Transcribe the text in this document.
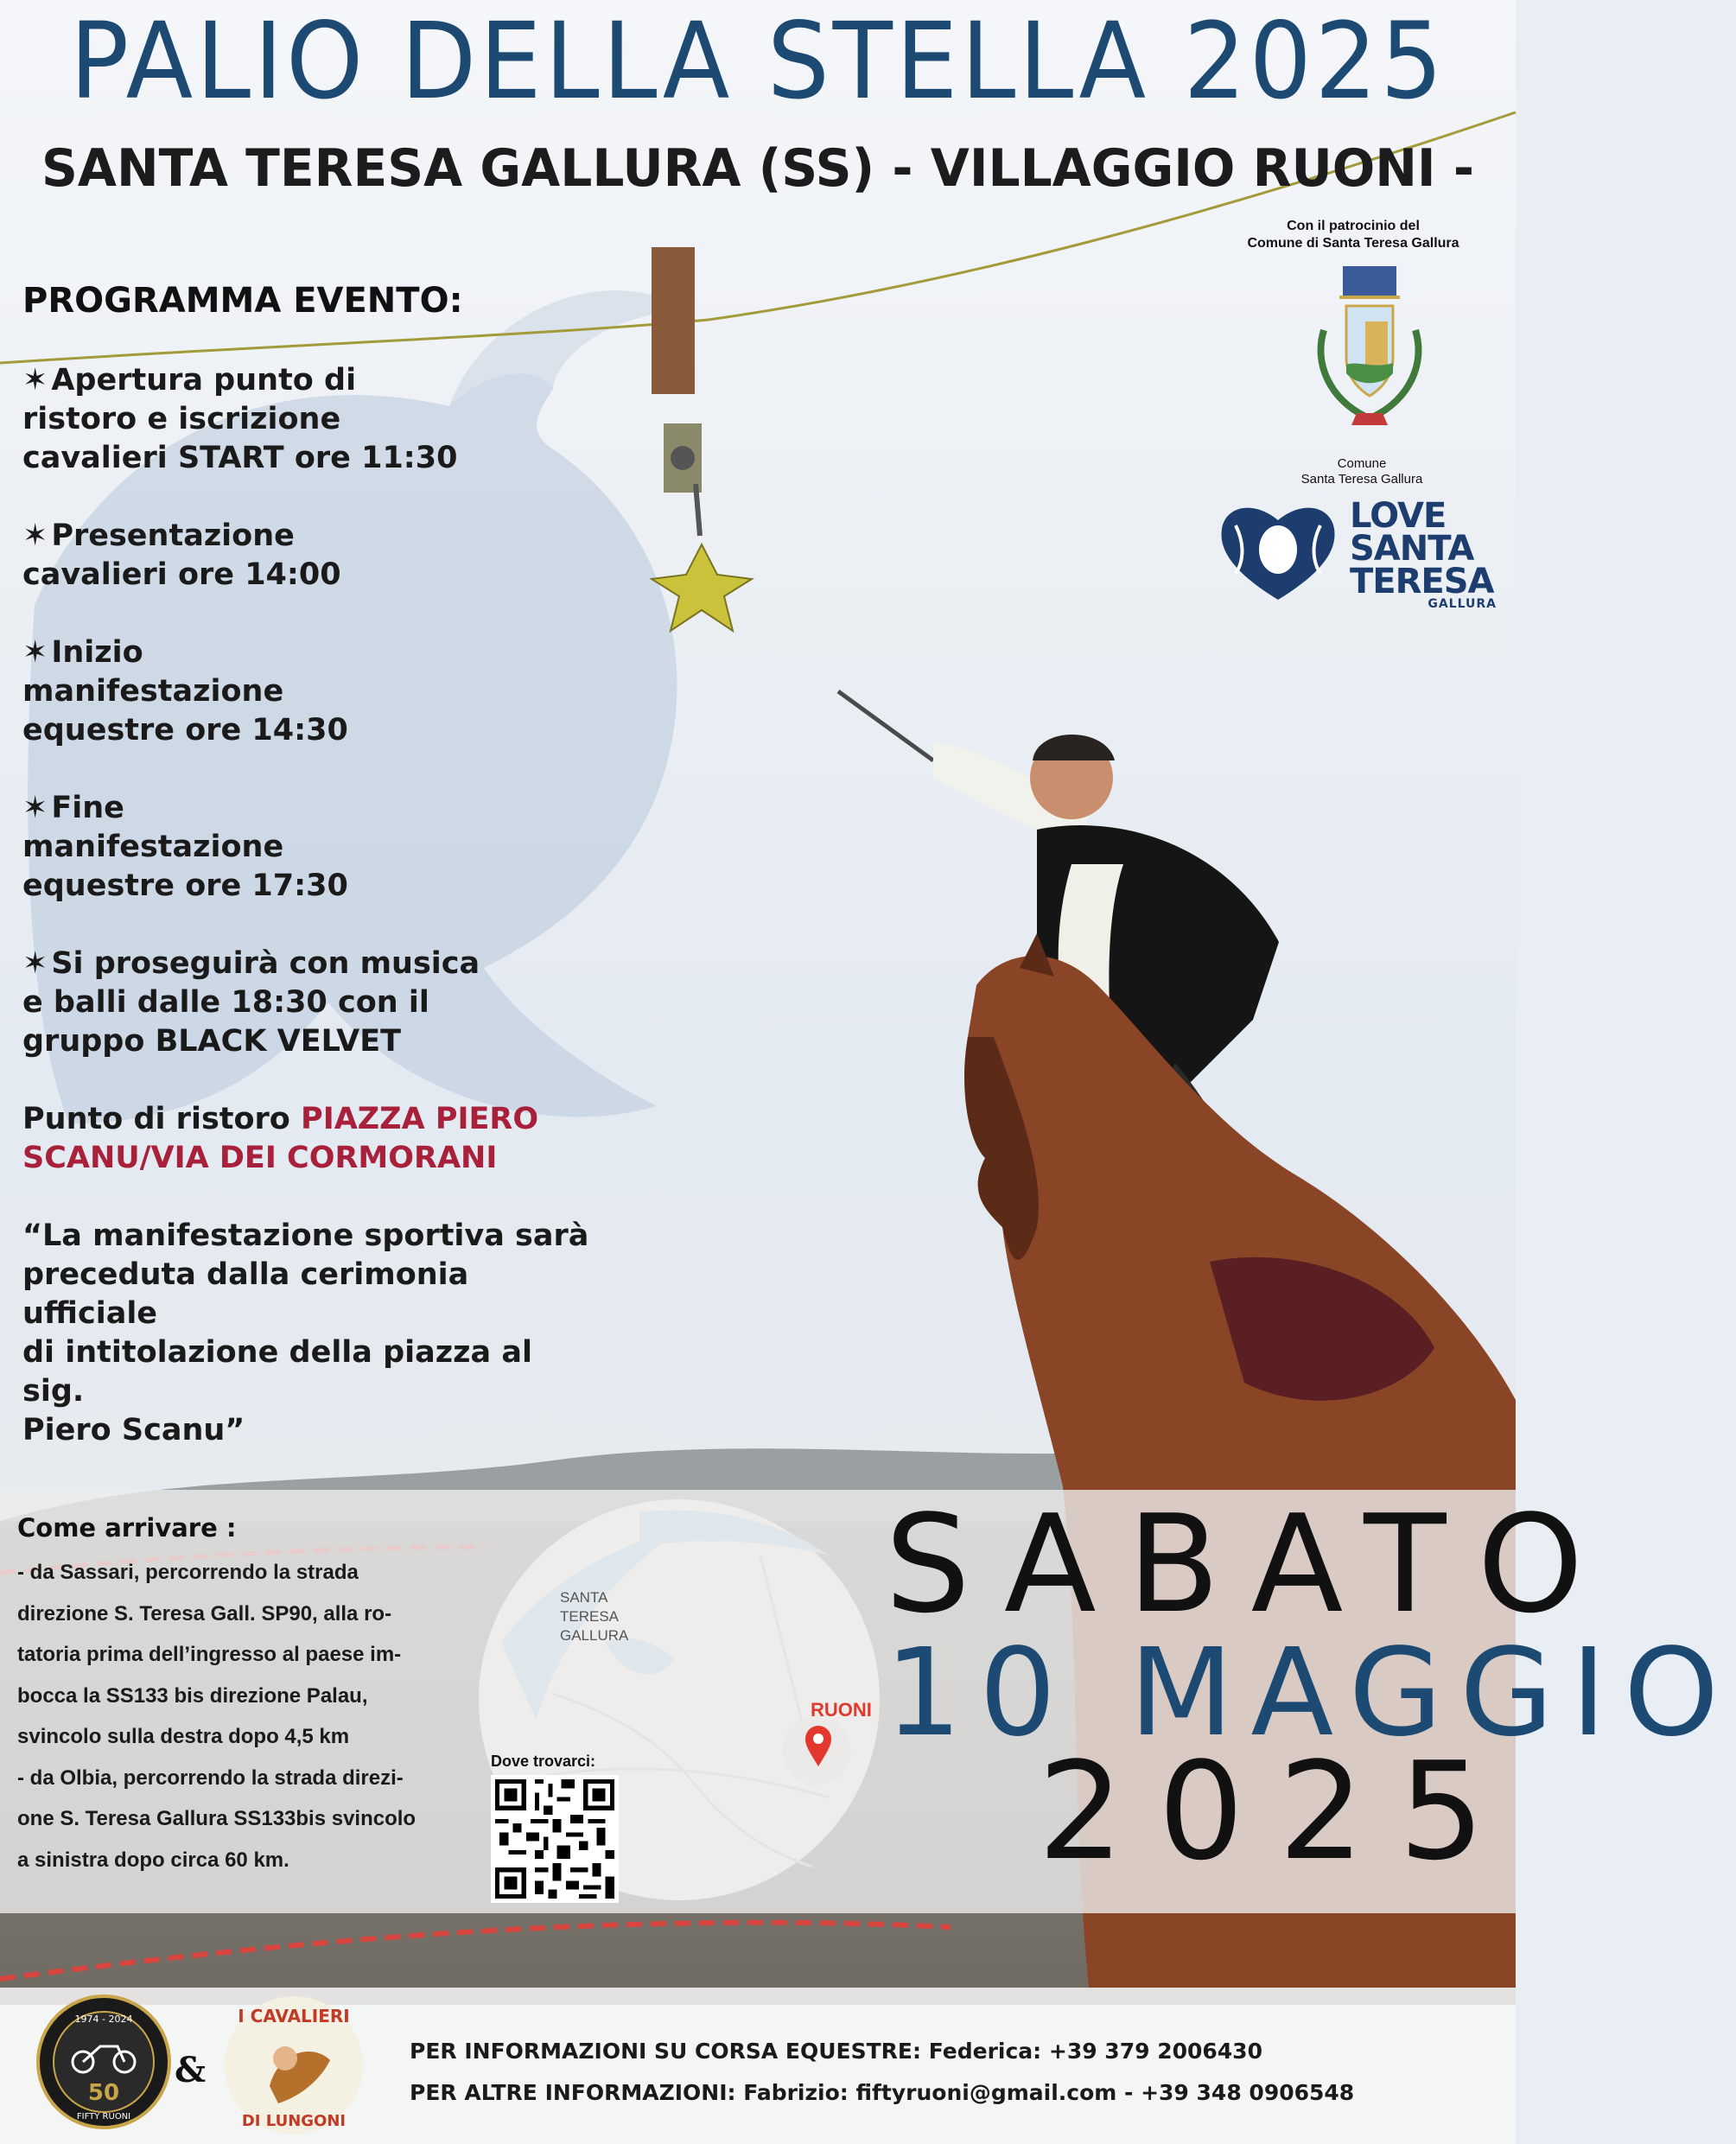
PALIO DELLA STELLA 2025
SANTA TERESA GALLURA (SS) - VILLAGGIO RUONI -
PROGRAMMA EVENTO:
✶ Apertura punto di
ristoro e iscrizione
cavalieri START ore 11:30
✶ Presentazione
cavalieri ore 14:00
✶ Inizio
manifestazione
equestre ore 14:30
✶ Fine
manifestazione
equestre ore 17:30
✶ Si proseguirà con musica
e balli dalle 18:30 con il
gruppo BLACK VELVET
Punto di ristoro PIAZZA PIERO
SCANU/VIA DEI CORMORANI
“La manifestazione sportiva sarà
preceduta dalla cerimonia ufficiale
di intitolazione della piazza al sig.
Piero Scanu”
Con il patrocinio del
Comune di Santa Teresa Gallura
Comune
Santa Teresa Gallura
LOVE
SANTA
TERESA
GALLURA
Come arrivare :
- da Sassari, percorrendo la strada
direzione S. Teresa Gall. SP90, alla ro-
tatoria prima dell’ingresso al paese im-
bocca la SS133 bis direzione Palau,
svincolo sulla destra dopo 4,5 km
- da Olbia, percorrendo la strada direzi-
one S. Teresa Gallura SS133bis svincolo
a sinistra dopo circa 60 km.
SANTA
TERESA
GALLURA
RUONI
Dove trovarci:
SABATO
10 MAGGIO
2025
1974 - 2024
50
FIFTY RUONI
&
I CAVALIERI
DI LUNGONI
PER INFORMAZIONI SU CORSA EQUESTRE: Federica: +39 379 2006430
PER ALTRE INFORMAZIONI: Fabrizio: fiftyruoni@gmail.com - +39 348 0906548
